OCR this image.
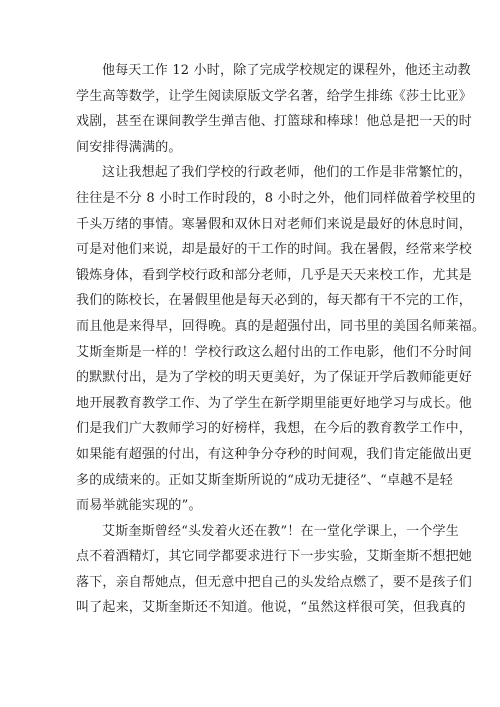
他每天工作 12 小时，除了完成学校规定的课程外，他还主动教
学生高等数学，让学生阅读原版文学名著，给学生排练《莎士比亚》
戏剧，甚至在课间教学生弹吉他、打篮球和棒球！他总是把一天的时
间安排得满满的。
这让我想起了我们学校的行政老师，他们的工作是非常繁忙的，
往往是不分 8 小时工作时段的，8 小时之外，他们同样做着学校里的
千头万绪的事情。寒暑假和双休日对老师们来说是最好的休息时间，
可是对他们来说，却是最好的干工作的时间。我在暑假，经常来学校
锻炼身体，看到学校行政和部分老师，几乎是天天来校工作，尤其是
我们的陈校长，在暑假里他是每天必到的，每天都有干不完的工作，
而且他是来得早，回得晚。真的是超强付出，同书里的美国名师莱福。
艾斯奎斯是一样的！学校行政这么超付出的工作电影，他们不分时间
的默默付出，是为了学校的明天更美好，为了保证开学后教师能更好
地开展教育教学工作、为了学生在新学期里能更好地学习与成长。他
们是我们广大教师学习的好榜样，我想，在今后的教育教学工作中，
如果能有超强的付出，有这种争分夺秒的时间观，我们肯定能做出更
多的成绩来的。正如艾斯奎斯所说的“成功无捷径”、“卓越不是轻
而易举就能实现的”。
艾斯奎斯曾经“头发着火还在教”！在一堂化学课上，一个学生
点不着酒精灯，其它同学都要求进行下一步实验，艾斯奎斯不想把她
落下，亲自帮她点，但无意中把自己的头发给点燃了，要不是孩子们
叫了起来，艾斯奎斯还不知道。他说，“虽然这样很可笑，但我真的
